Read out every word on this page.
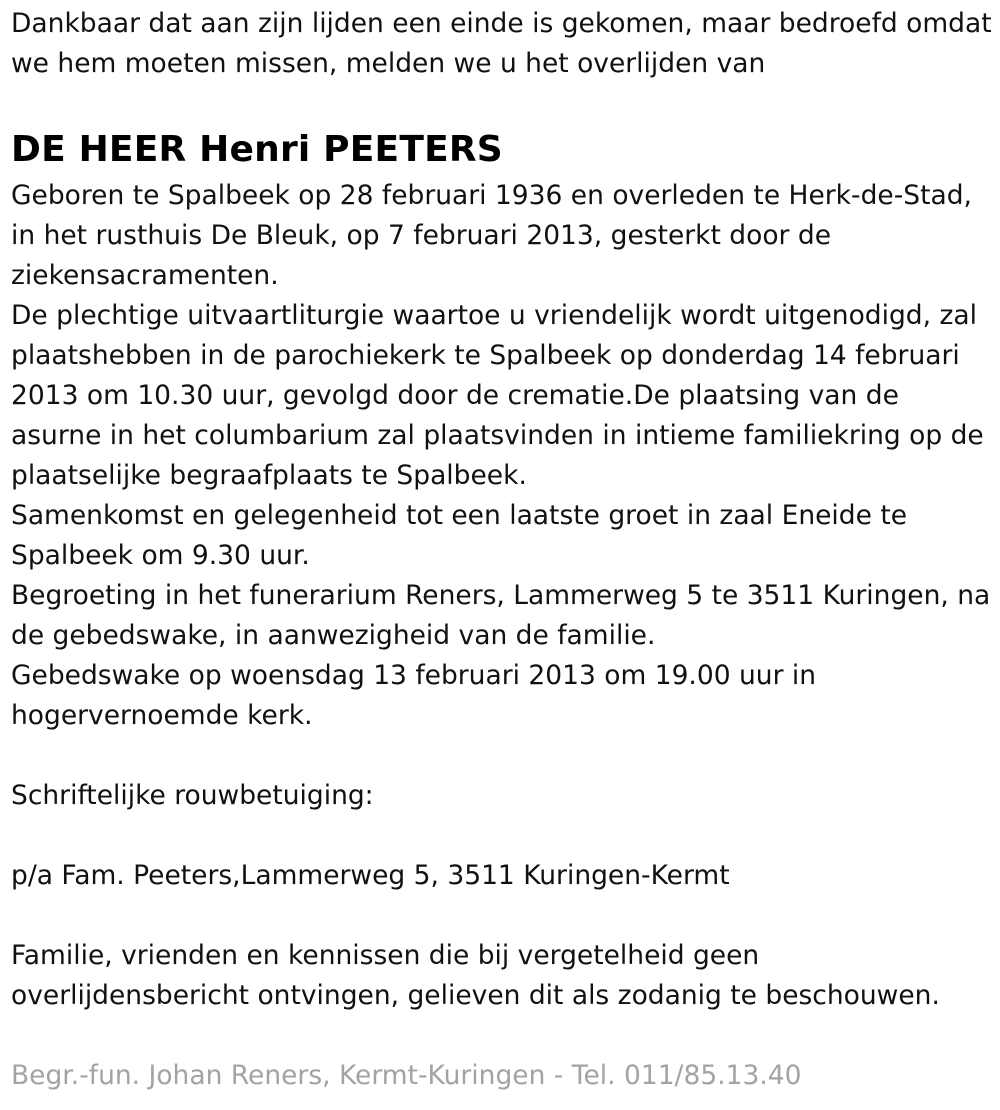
Dankbaar dat aan zijn lijden een einde is gekomen, maar bedroefd omdat we hem moeten missen, melden we u het overlijden van

DE HEER Henri PEETERS

Geboren te Spalbeek op 28 februari 1936 en overleden te Herk-de-Stad, in het rusthuis De Bleuk, op 7 februari 2013, gesterkt door de ziekensacramenten.

De plechtige uitvaartliturgie waartoe u vriendelijk wordt uitgenodigd, zal plaatshebben in de parochiekerk te Spalbeek op donderdag 14 februari 2013 om 10.30 uur, gevolgd door de crematie.De plaatsing van de asurne in het columbarium zal plaatsvinden in intieme familiekring op de plaatselijke begraafplaats te Spalbeek.

Samenkomst en gelegenheid tot een laatste groet in zaal Eneide te Spalbeek om 9.30 uur.

Begroeting in het funerarium Reners, Lammerweg 5 te 3511 Kuringen, na de gebedswake, in aanwezigheid van de familie.

Gebedswake op woensdag 13 februari 2013 om 19.00 uur in hogervernoemde kerk.

Schriftelijke rouwbetuiging:

p/a Fam. Peeters,Lammerweg 5, 3511 Kuringen-Kermt

Familie, vrienden en kennissen die bij vergetelheid geen overlijdensbericht ontvingen, gelieven dit als zodanig te beschouwen.

Begr.-fun. Johan Reners, Kermt-Kuringen - Tel. 011/85.13.40
